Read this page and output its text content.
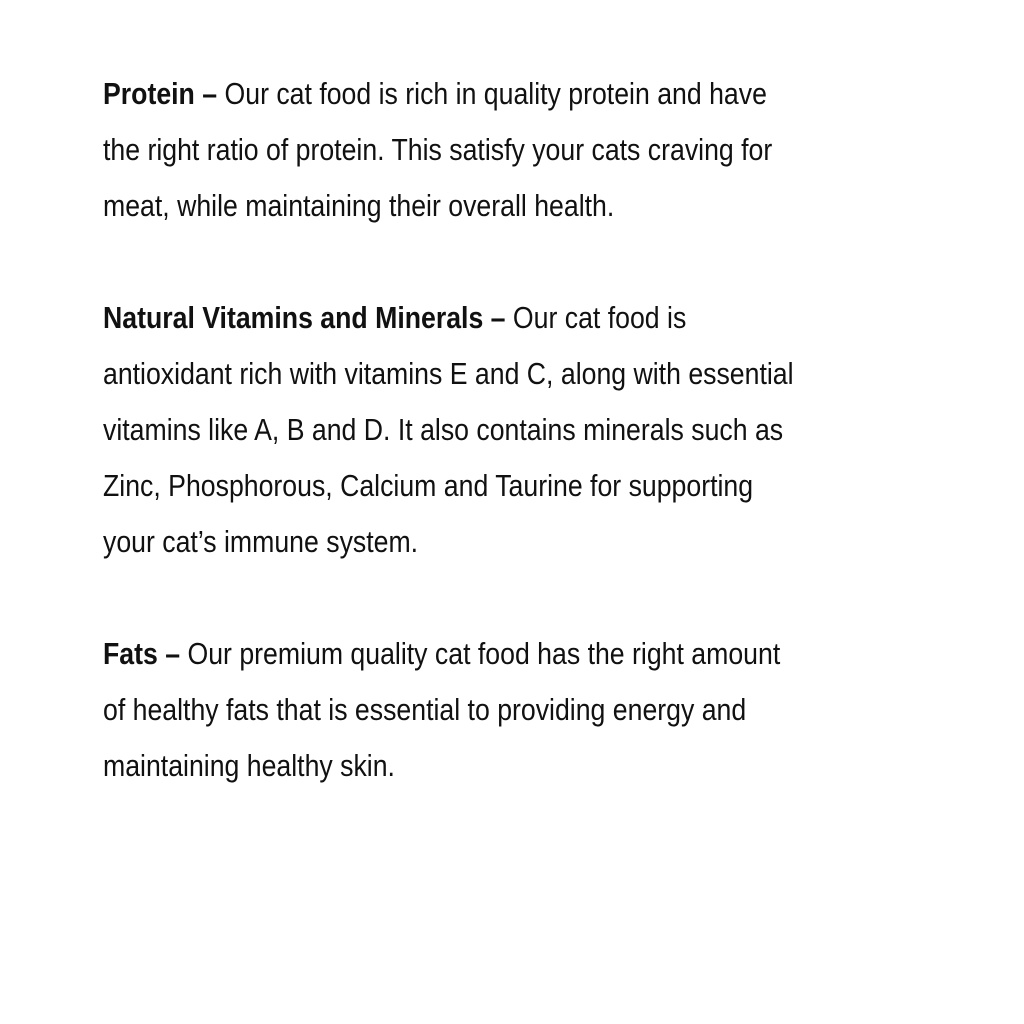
Protein – Our cat food is rich in quality protein and have the right ratio of protein. This satisfy your cats craving for meat, while maintaining their overall health.

Natural Vitamins and Minerals – Our cat food is antioxidant rich with vitamins E and C, along with essential vitamins like A, B and D. It also contains minerals such as Zinc, Phosphorous, Calcium and Taurine for supporting your cat’s immune system.

Fats – Our premium quality cat food has the right amount of healthy fats that is essential to providing energy and maintaining healthy skin.
